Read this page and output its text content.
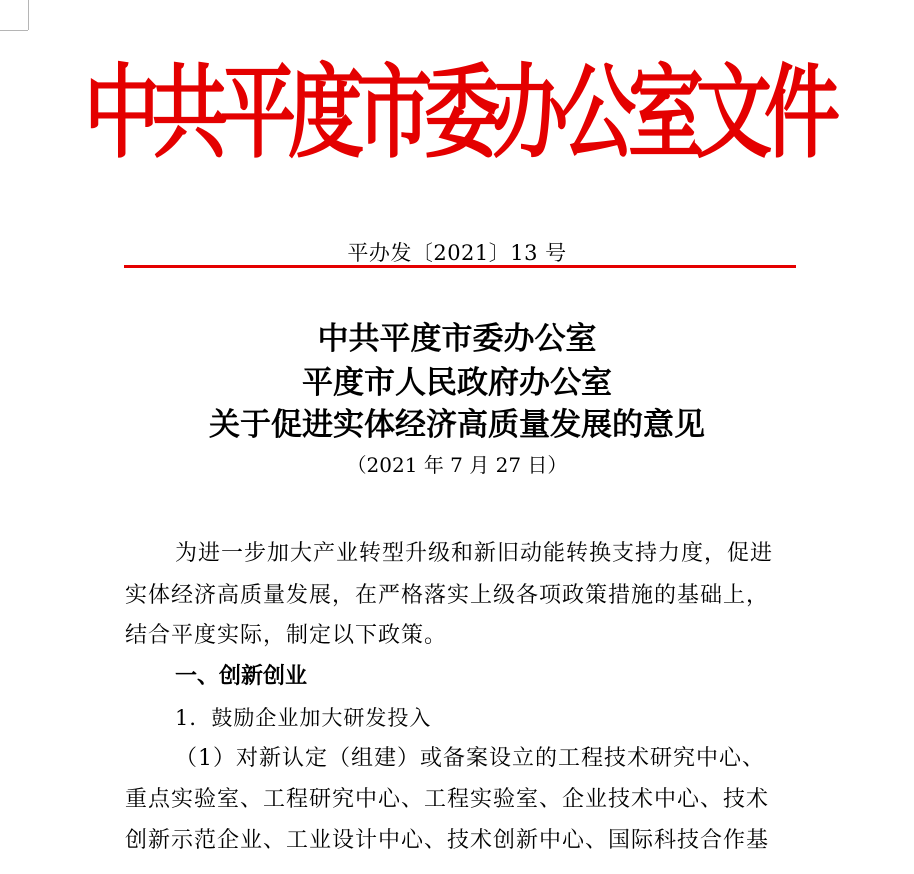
中共平度市委办公室文件
平办发〔2021〕13 号
中共平度市委办公室
平度市人民政府办公室
关于促进实体经济高质量发展的意见
（2021 年 7 月 27 日）
为进一步加大产业转型升级和新旧动能转换支持力度，促进
实体经济高质量发展，在严格落实上级各项政策措施的基础上，
结合平度实际，制定以下政策。
一、创新创业
1．鼓励企业加大研发投入
（1）对新认定（组建）或备案设立的工程技术研究中心、
重点实验室、工程研究中心、工程实验室、企业技术中心、技术
创新示范企业、工业设计中心、技术创新中心、国际科技合作基
